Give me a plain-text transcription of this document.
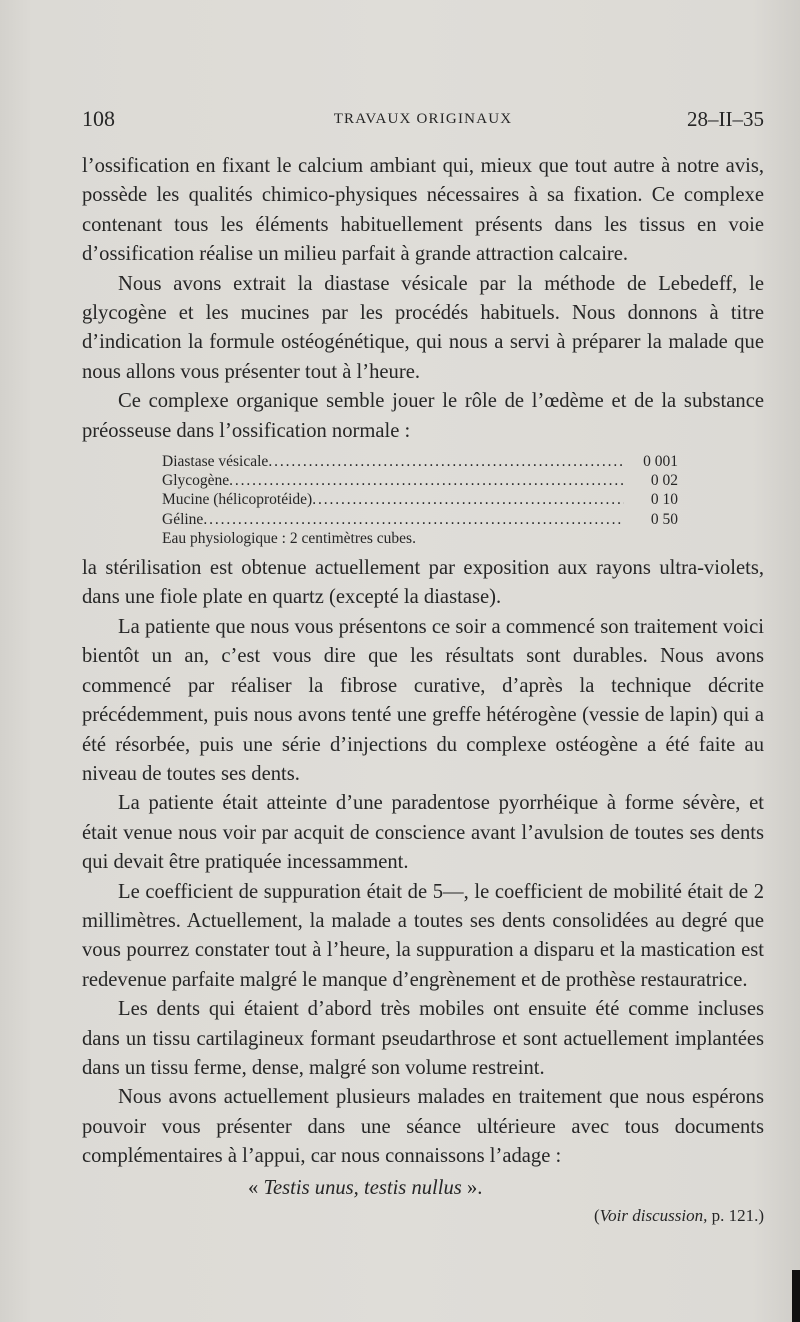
108	TRAVAUX ORIGINAUX	28–II–35

l’ossification en fixant le calcium ambiant qui, mieux que tout autre à notre avis, possède les qualités chimico-physiques nécessaires à sa fixation. Ce complexe contenant tous les éléments habituellement présents dans les tissus en voie d’ossification réalise un milieu parfait à grande attraction calcaire.

Nous avons extrait la diastase vésicale par la méthode de Lebedeff, le glycogène et les mucines par les procédés habituels. Nous donnons à titre d’indication la formule ostéogénétique, qui nous a servi à préparer la malade que nous allons vous présenter tout à l’heure.

Ce complexe organique semble jouer le rôle de l’œdème et de la substance préosseuse dans l’ossification normale :

Diastase vésicale . . .	0 001
Glycogène . . .	0 02
Mucine (hélicoprotéide) . . .	0 10
Géline . . .	0 50
Eau physiologique : 2 centimètres cubes.

la stérilisation est obtenue actuellement par exposition aux rayons ultra-violets, dans une fiole plate en quartz (excepté la diastase).

La patiente que nous vous présentons ce soir a commencé son traitement voici bientôt un an, c’est vous dire que les résultats sont durables. Nous avons commencé par réaliser la fibrose curative, d’après la technique décrite précédemment, puis nous avons tenté une greffe hétérogène (vessie de lapin) qui a été résorbée, puis une série d’injections du complexe ostéogène a été faite au niveau de toutes ses dents.

La patiente était atteinte d’une paradentose pyorrhéique à forme sévère, et était venue nous voir par acquit de conscience avant l’avulsion de toutes ses dents qui devait être pratiquée incessamment.

Le coefficient de suppuration était de 5—, le coefficient de mobilité était de 2 millimètres. Actuellement, la malade a toutes ses dents consolidées au degré que vous pourrez constater tout à l’heure, la suppuration a disparu et la mastication est redevenue parfaite malgré le manque d’engrènement et de prothèse restauratrice.

Les dents qui étaient d’abord très mobiles ont ensuite été comme incluses dans un tissu cartilagineux formant pseudarthrose et sont actuellement implantées dans un tissu ferme, dense, malgré son volume restreint.

Nous avons actuellement plusieurs malades en traitement que nous espérons pouvoir vous présenter dans une séance ultérieure avec tous documents complémentaires à l’appui, car nous connaissons l’adage :

« Testis unus, testis nullus ».
(Voir discussion, p. 121.)
